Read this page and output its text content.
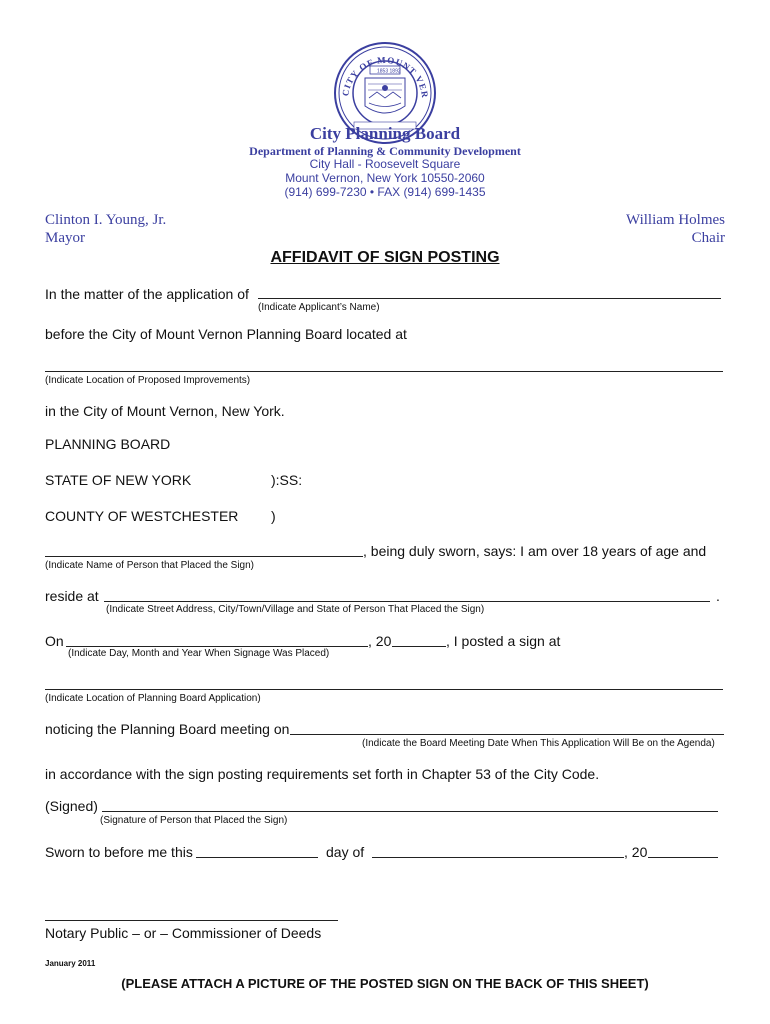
CITY OF MOUNT VER
1853 1892
City Planning Board
Department of Planning & Community Development
City Hall - Roosevelt Square
Mount Vernon, New York 10550-2060
(914) 699-7230 • FAX (914) 699-1435
Clinton I. Young, Jr.
Mayor
William Holmes
Chair
AFFIDAVIT OF SIGN POSTING
In the matter of the application of
(Indicate Applicant’s Name)
before the City of Mount Vernon Planning Board located at
(Indicate Location of Proposed Improvements)
in the City of Mount Vernon, New York.
PLANNING BOARD
STATE OF NEW YORK	):SS:
COUNTY OF WESTCHESTER )
, being duly sworn, says: I am over 18 years of age and
(Indicate Name of Person that Placed the Sign)
reside at	.
(Indicate Street Address, City/Town/Village and State of Person That Placed the Sign)
On	, 20	, I posted a sign at
(Indicate Day, Month and Year When Signage Was Placed)
(Indicate Location of Planning Board Application)
noticing the Planning Board meeting on
(Indicate the Board Meeting Date When This Application Will Be on the Agenda)
in accordance with the sign posting requirements set forth in Chapter 53 of the City Code.
(Signed)
(Signature of Person that Placed the Sign)
Sworn to before me this	day of	, 20
Notary Public – or – Commissioner of Deeds
January 2011
(PLEASE ATTACH A PICTURE OF THE POSTED SIGN ON THE BACK OF THIS SHEET)
